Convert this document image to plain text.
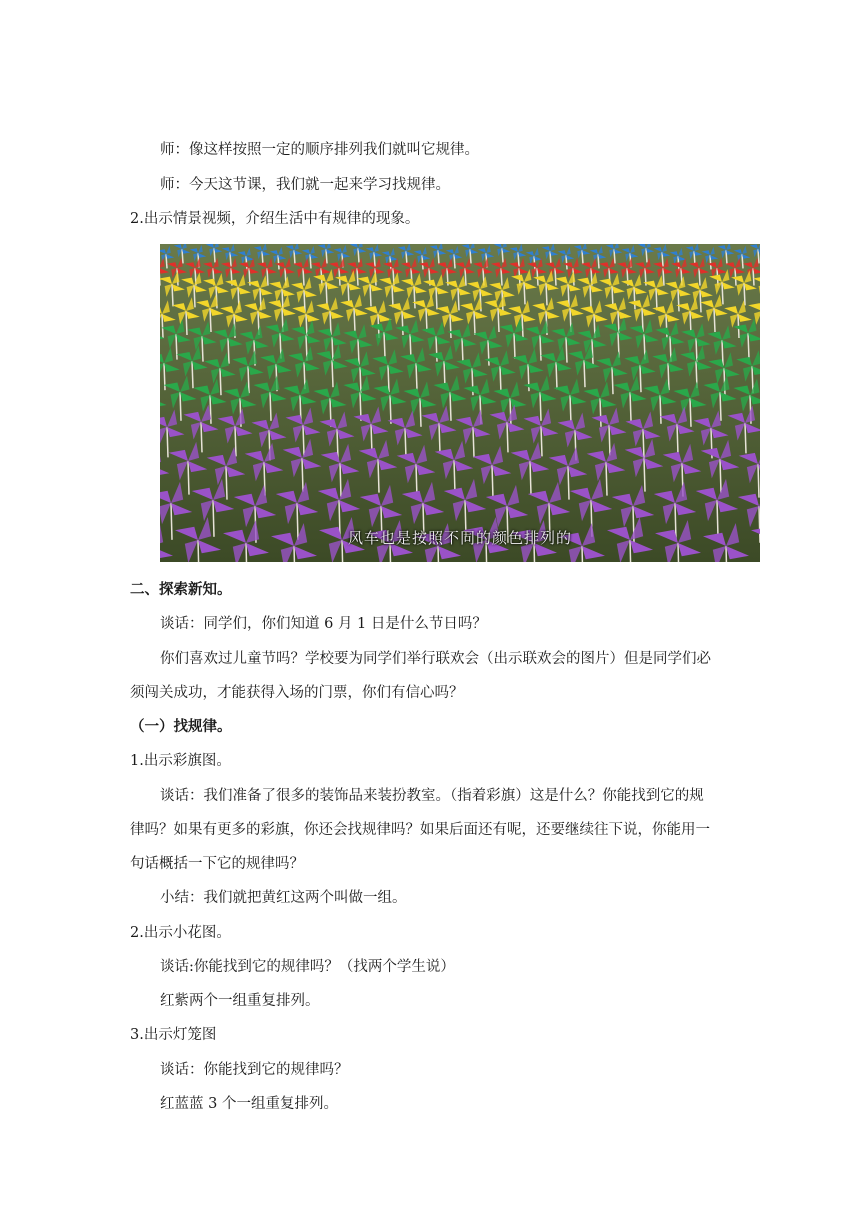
师：像这样按照一定的顺序排列我们就叫它规律。
师：今天这节课，我们就一起来学习找规律。
2.出示情景视频，介绍生活中有规律的现象。
风车也是按照不同的颜色排列的
二、探索新知。
谈话：同学们，你们知道 6 月 1 日是什么节日吗？
你们喜欢过儿童节吗？学校要为同学们举行联欢会（出示联欢会的图片）但是同学们必
须闯关成功，才能获得入场的门票，你们有信心吗？
（一）找规律。
1.出示彩旗图。
谈话：我们准备了很多的装饰品来装扮教室。（指着彩旗）这是什么？你能找到它的规
律吗？如果有更多的彩旗，你还会找规律吗？如果后面还有呢，还要继续往下说，你能用一
句话概括一下它的规律吗？
小结：我们就把黄红这两个叫做一组。
2.出示小花图。
谈话:你能找到它的规律吗？（找两个学生说）
红紫两个一组重复排列。
3.出示灯笼图
谈话：你能找到它的规律吗？
红蓝蓝 3 个一组重复排列。
